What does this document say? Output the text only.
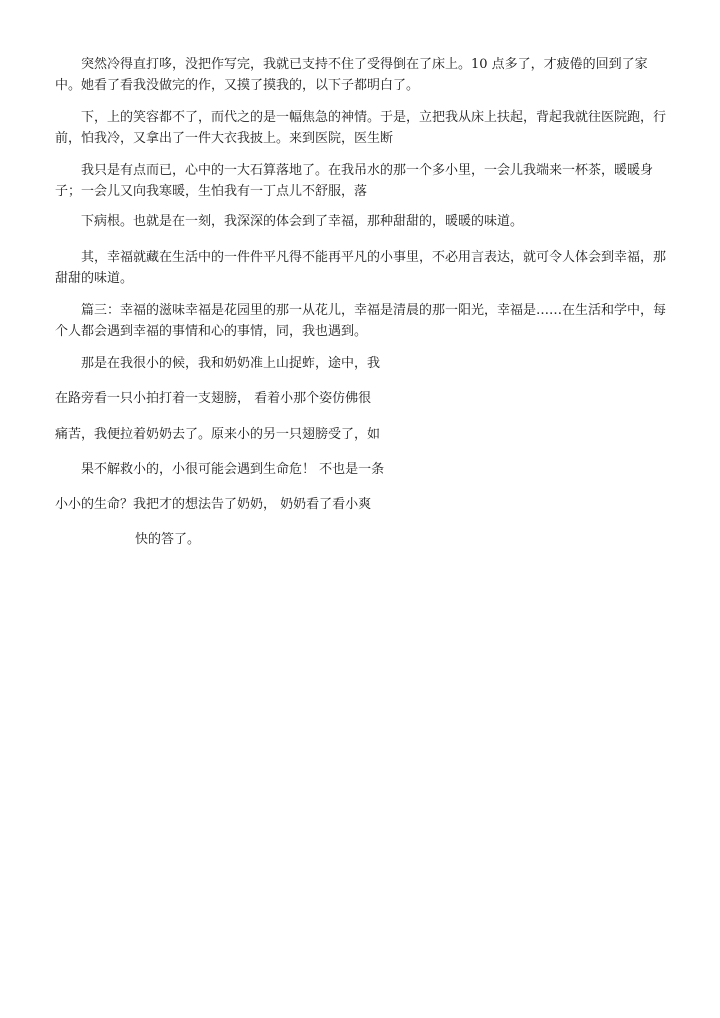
突然冷得直打哆，没把作写完，我就已支持不住了受得倒在了床上。10 点多了，才疲倦的回到了家中。她看了看我没做完的作，又摸了摸我的，以下子都明白了。

下，上的笑容都不了，而代之的是一幅焦急的神情。于是，立把我从床上扶起，背起我就往医院跑，行前，怕我冷，又拿出了一件大衣我披上。来到医院，医生断

我只是有点而已，心中的一大石算落地了。在我吊水的那一个多小里，一会儿我端来一杯茶，暖暖身子；一会儿又向我寒暖，生怕我有一丁点儿不舒服，落

下病根。也就是在一刻，我深深的体会到了幸福，那种甜甜的，暖暖的味道。

其，幸福就藏在生活中的一件件平凡得不能再平凡的小事里，不必用言表达，就可令人体会到幸福，那甜甜的味道。

篇三：幸福的滋味幸福是花园里的那一从花儿，幸福是清晨的那一阳光，幸福是……在生活和学中，每个人都会遇到幸福的事情和心的事情，同，我也遇到。

那是在我很小的候，我和奶奶准上山捉蚱，途中，我

在路旁看一只小拍打着一支翅膀， 看着小那个姿仿佛很

痛苦，我便拉着奶奶去了。原来小的另一只翅膀受了，如

果不解救小的，小很可能会遇到生命危！ 不也是一条

小小的生命？我把才的想法告了奶奶， 奶奶看了看小爽

快的答了。
